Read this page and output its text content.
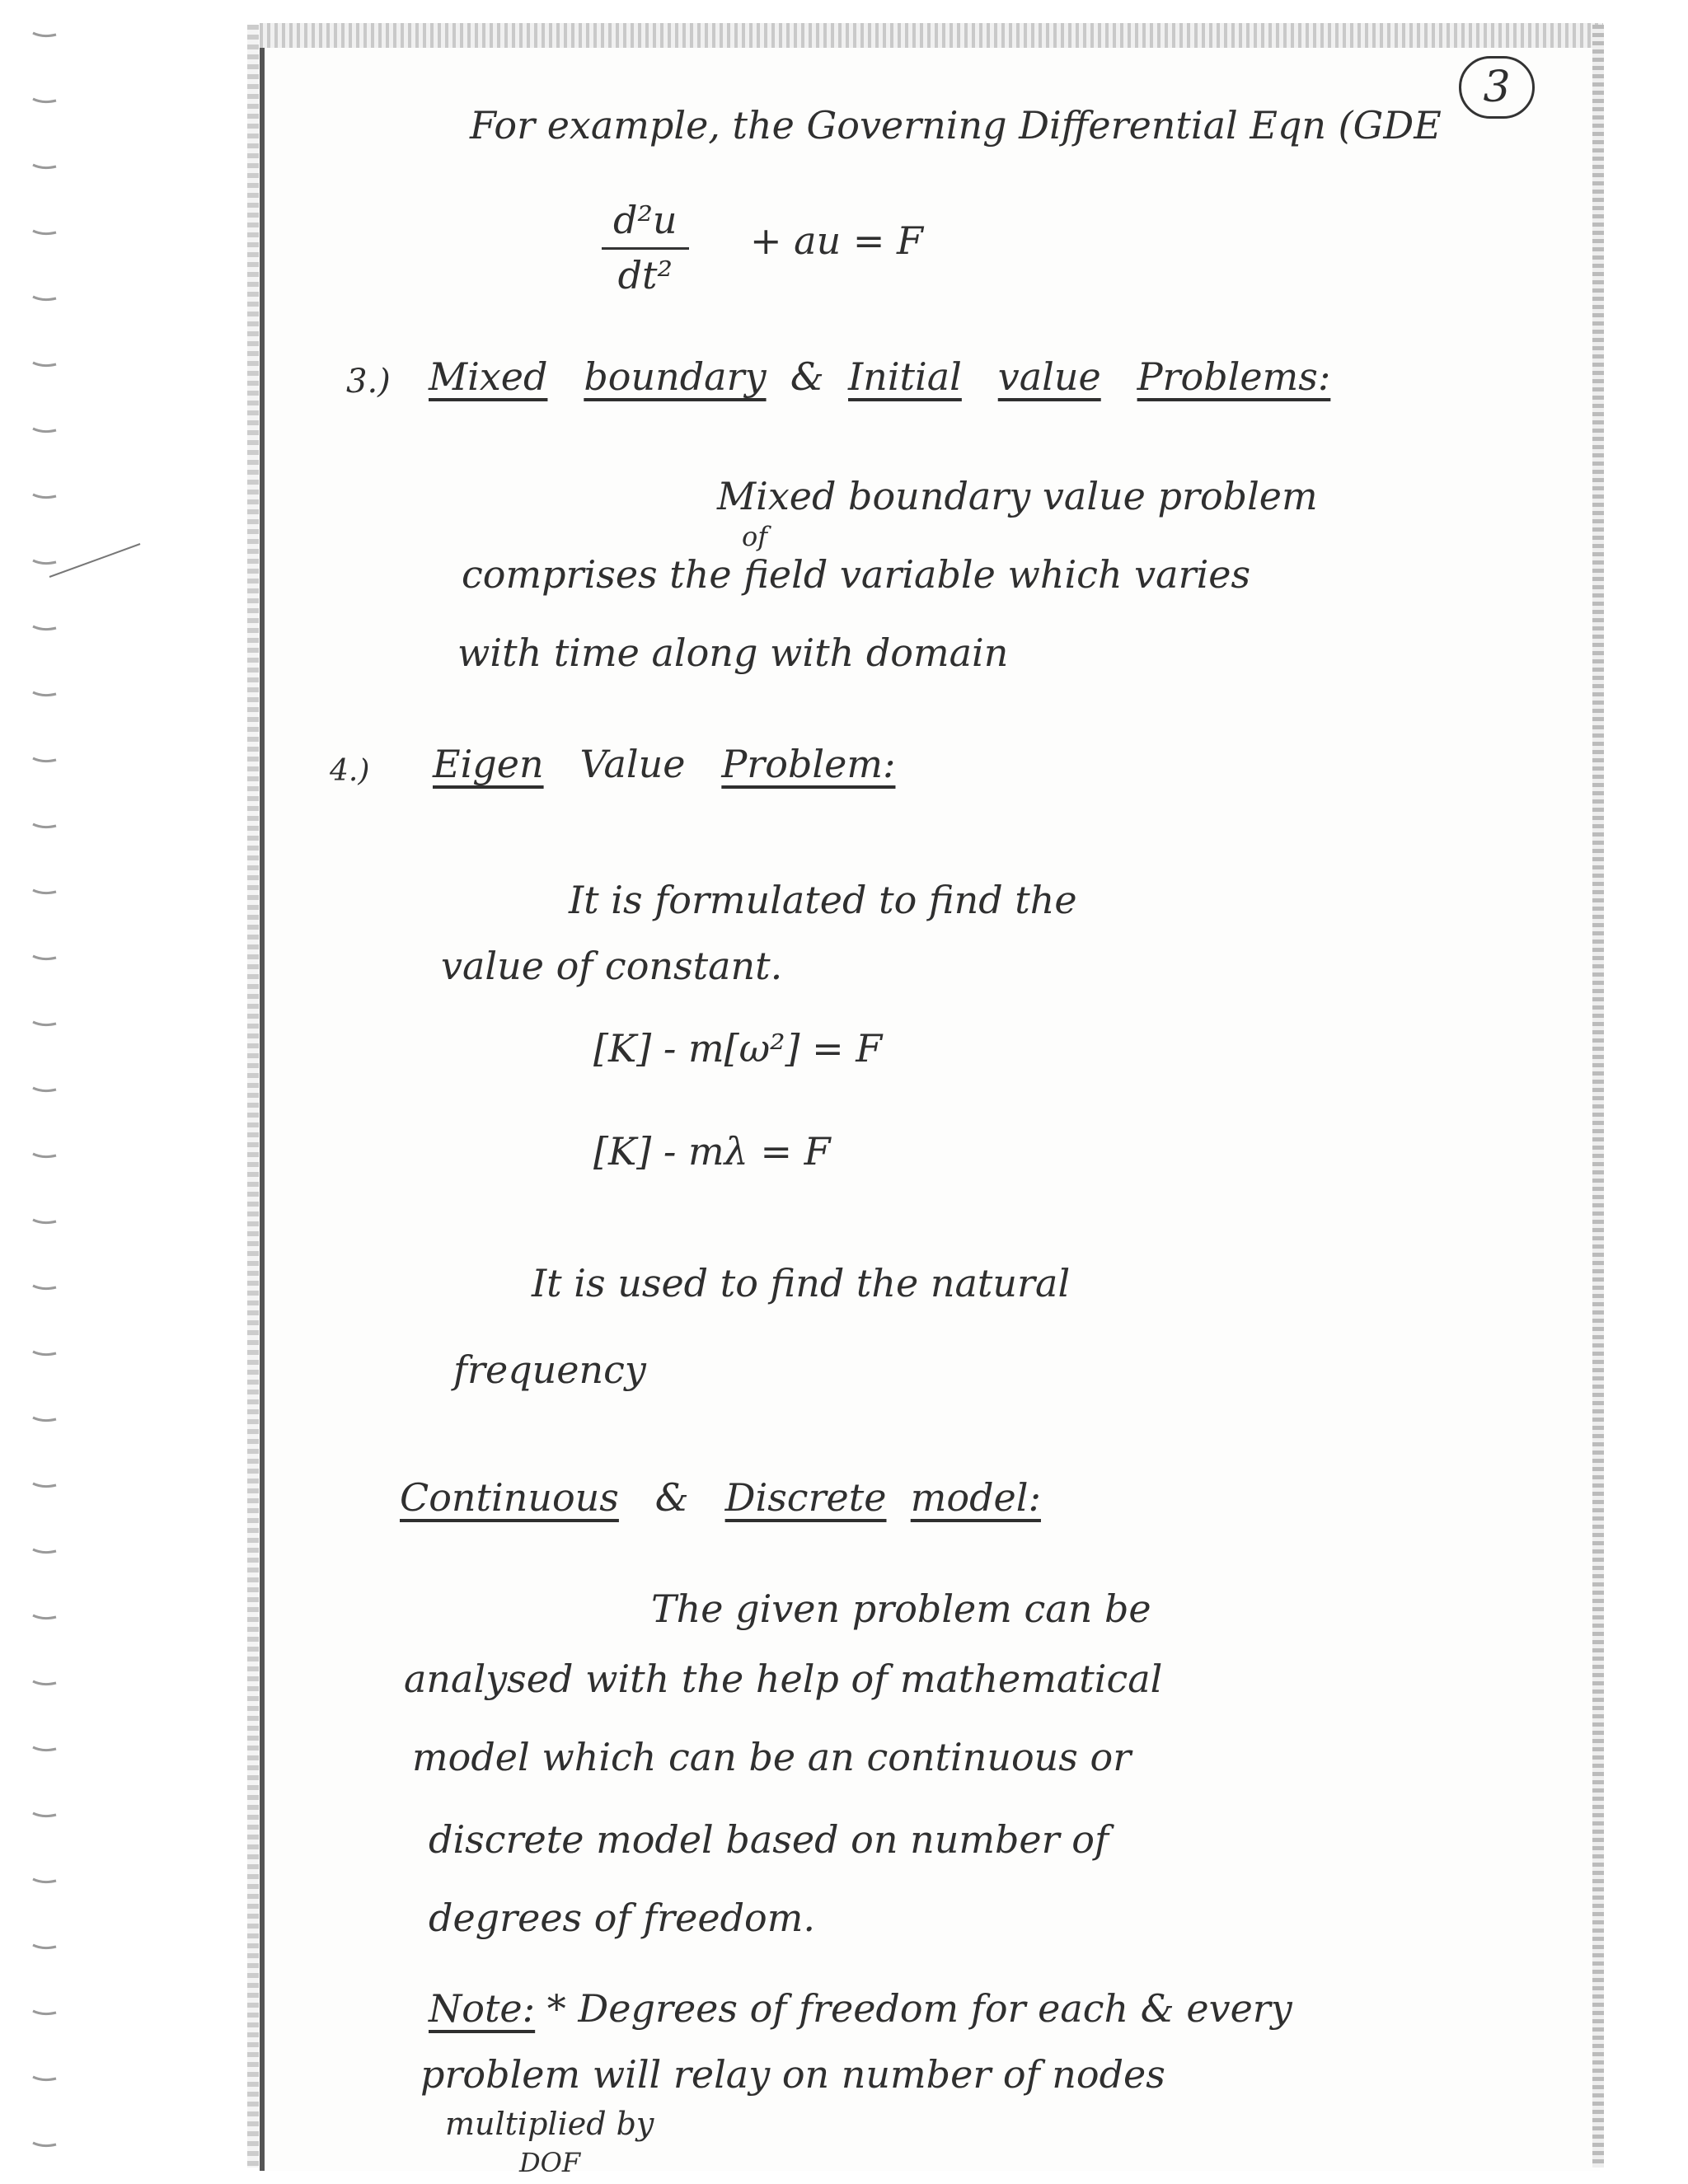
3
For example, the Governing Differential Eqn (GDE
$\frac{\text{d²u}}{\text{dt²}}$ + au = F
3.) Mixed boundary & Initial value Problems:
Mixed boundary value problem
of
comprises the field variable which varies
with time along with domain
4.) Eigen Value Problem:
It is formulated to find the
value of constant.
[K] - m[ω²] = F
[K] - mλ = F
It is used to find the natural
frequency
Continuous & Discrete model:
The given problem can be
analysed with the help of mathematical
model which can be an continuous or
discrete model based on number of
degrees of freedom.
Note: * Degrees of freedom for each & every
problem will relay on number of nodes
multiplied by
DOF
